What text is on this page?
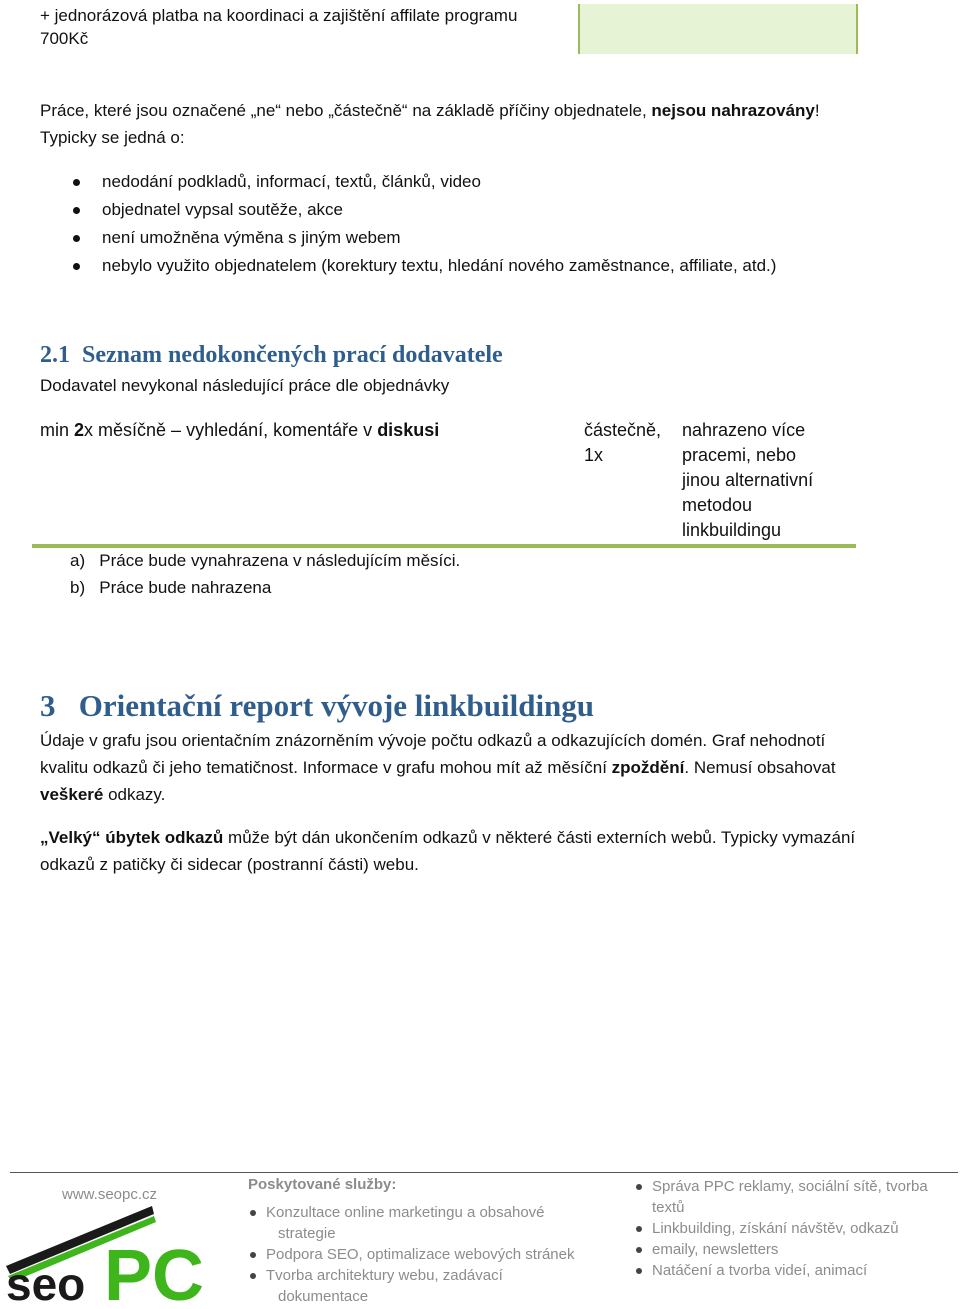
+ jednorázová platba na koordinaci a zajištění affilate programu
700Kč
Práce, které jsou označené „ne“ nebo „částečně“ na základě příčiny objednatele, nejsou nahrazovány!
Typicky se jedná o:
nedodání podkladů, informací, textů, článků, video
objednatel vypsal soutěže, akce
není umožněna výměna s jiným webem
nebylo využito objednatelem (korektury textu, hledání nového zaměstnance, affiliate, atd.)
2.1 Seznam nedokončených prací dodavatele
Dodavatel nevykonal následující práce dle objednávky
min 2x měsíčně – vyhledání, komentáře v diskusi	částečně,
1x
nahrazeno více
pracemi, nebo
jinou alternativní
metodou
linkbuildingu
a) Práce bude vynahrazena v následujícím měsíci.
b) Práce bude nahrazena
3 Orientační report vývoje linkbuildingu
Údaje v grafu jsou orientačním znázorněním vývoje počtu odkazů a odkazujících domén. Graf nehodnotí
kvalitu odkazů či jeho tematičnost. Informace v grafu mohou mít až měsíční zpoždění. Nemusí obsahovat
veškeré odkazy.
„Velký“ úbytek odkazů může být dán ukončením odkazů v některé části externích webů. Typicky vymazání
odkazů z patičky či sidecar (postranní části) webu.
www.seopc.cz
seo PC
Poskytované služby:
Konzultace online marketingu a obsahové
strategie
Podpora SEO, optimalizace webových stránek
Tvorba architektury webu, zadávací
dokumentace
Správa PPC reklamy, sociální sítě, tvorba
textů
Linkbuilding, získání návštěv, odkazů
emaily, newsletters
Natáčení a tvorba videí, animací
